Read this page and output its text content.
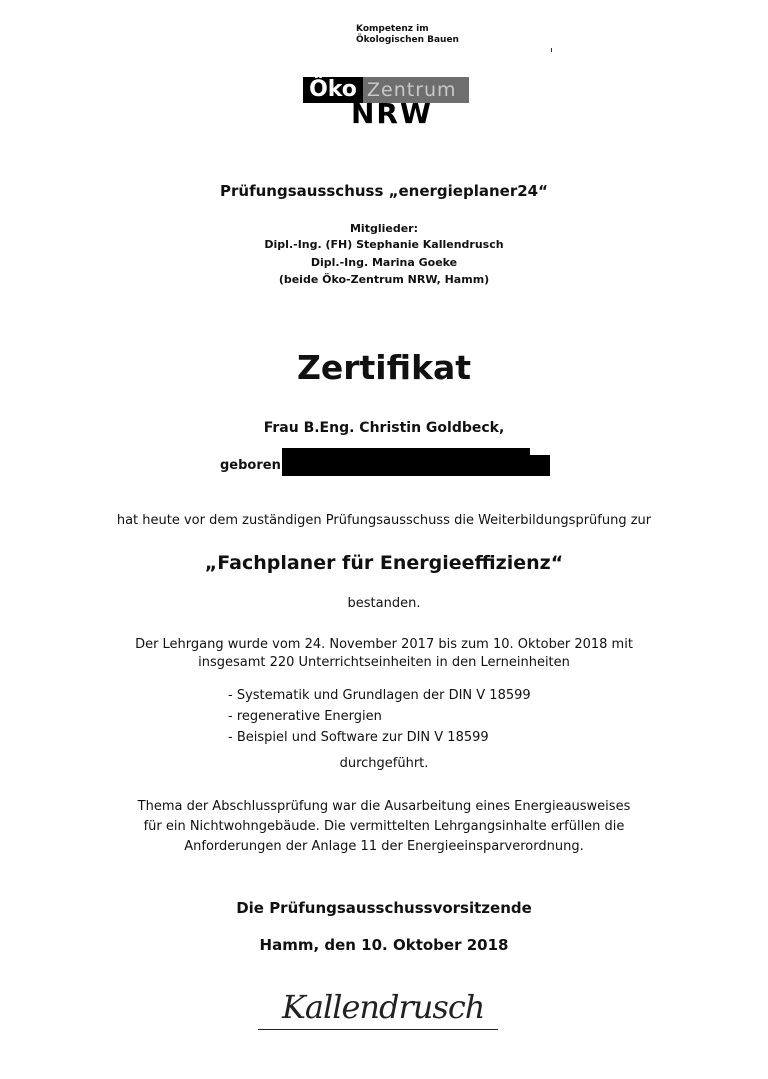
Kompetenz im
Ökologischen Bauen
Öko Zentrum
NRW
Prüfungsausschuss „energieplaner24“
Mitglieder:
Dipl.-Ing. (FH) Stephanie Kallendrusch
Dipl.-Ing. Marina Goeke
(beide Öko-Zentrum NRW, Hamm)
Zertifikat
Frau B.Eng. Christin Goldbeck,
geboren
hat heute vor dem zuständigen Prüfungsausschuss die Weiterbildungsprüfung zur
„Fachplaner für Energieeffizienz“
bestanden.
Der Lehrgang wurde vom 24. November 2017 bis zum 10. Oktober 2018 mit
insgesamt 220 Unterrichtseinheiten in den Lerneinheiten
- Systematik und Grundlagen der DIN V 18599
- regenerative Energien
- Beispiel und Software zur DIN V 18599
durchgeführt.
Thema der Abschlussprüfung war die Ausarbeitung eines Energieausweises
für ein Nichtwohngebäude. Die vermittelten Lehrgangsinhalte erfüllen die
Anforderungen der Anlage 11 der Energieeinsparverordnung.
Die Prüfungsausschussvorsitzende
Hamm, den 10. Oktober 2018
Kallendrusch
